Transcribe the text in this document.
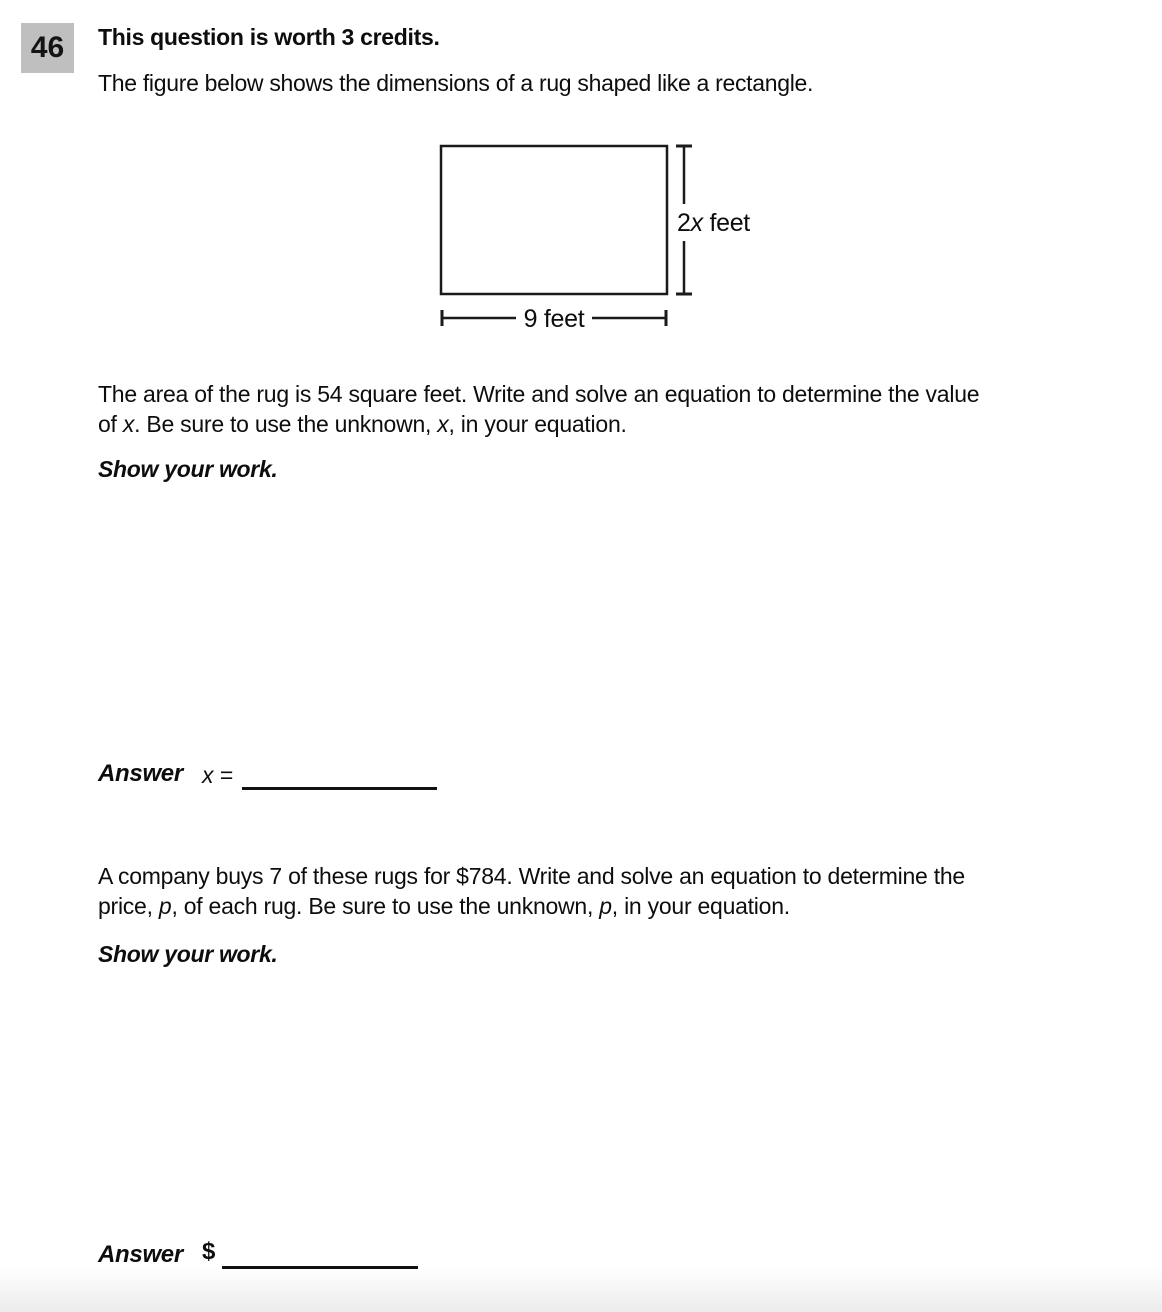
46 This question is worth 3 credits.
The figure below shows the dimensions of a rug shaped like a rectangle.
2x feet
9 feet
The area of the rug is 54 square feet. Write and solve an equation to determine the value
of x. Be sure to use the unknown, x, in your equation.
Show your work.
Answer x =
A company buys 7 of these rugs for $784. Write and solve an equation to determine the
price, p, of each rug. Be sure to use the unknown, p, in your equation.
Show your work.
Answer $
